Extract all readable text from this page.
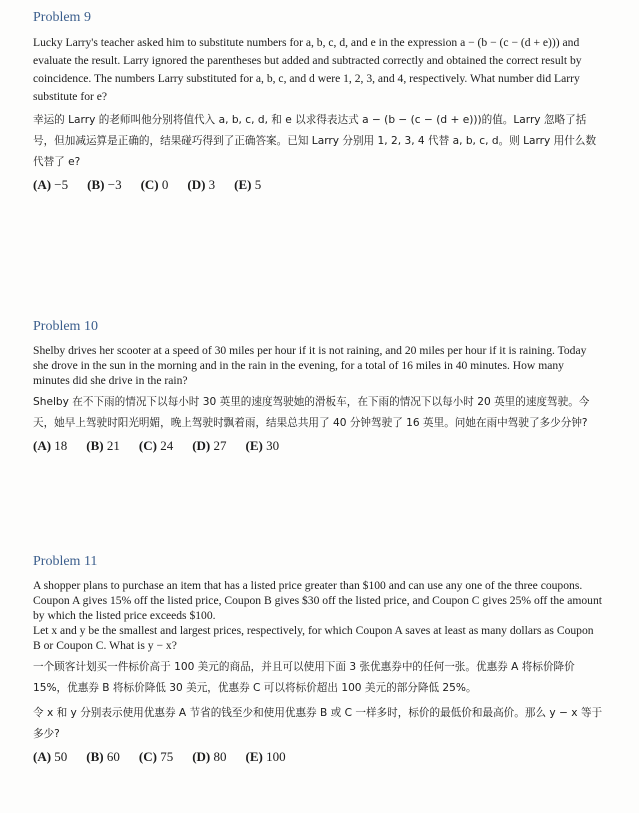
Problem 9

Lucky Larry's teacher asked him to substitute numbers for a, b, c, d, and e in the expression a − (b − (c − (d + e))) and evaluate the result. Larry ignored the parentheses but added and subtracted correctly and obtained the correct result by coincidence. The numbers Larry substituted for a, b, c, and d were 1, 2, 3, and 4, respectively. What number did Larry substitute for e?

幸运的 Larry 的老师叫他分别将值代入 a, b, c, d, 和 e 以求得表达式 a − (b − (c − (d + e)))的值。Larry 忽略了括号，但加减运算是正确的，结果碰巧得到了正确答案。已知 Larry 分别用 1, 2, 3, 4 代替 a, b, c, d。则 Larry 用什么数代替了 e?

(A) −5 (B) −3 (C) 0 (D) 3 (E) 5
Problem 10

Shelby drives her scooter at a speed of 30 miles per hour if it is not raining, and 20 miles per hour if it is raining. Today she drove in the sun in the morning and in the rain in the evening, for a total of 16 miles in 40 minutes. How many minutes did she drive in the rain?

Shelby 在不下雨的情况下以每小时 30 英里的速度驾驶她的滑板车，在下雨的情况下以每小时 20 英里的速度驾驶。今天，她早上驾驶时阳光明媚，晚上驾驶时飘着雨，结果总共用了 40 分钟驾驶了 16 英里。问她在雨中驾驶了多少分钟?

(A) 18 (B) 21 (C) 24 (D) 27 (E) 30
Problem 11

A shopper plans to purchase an item that has a listed price greater than $100 and can use any one of the three coupons. Coupon A gives 15% off the listed price, Coupon B gives $30 off the listed price, and Coupon C gives 25% off the amount by which the listed price exceeds $100.

Let x and y be the smallest and largest prices, respectively, for which Coupon A saves at least as many dollars as Coupon B or Coupon C. What is y − x?

一个顾客计划买一件标价高于 100 美元的商品，并且可以使用下面 3 张优惠券中的任何一张。优惠券 A 将标价降价 15%，优惠券 B 将标价降低 30 美元，优惠券 C 可以将标价超出 100 美元的部分降低 25%。

令 x 和 y 分别表示使用优惠券 A 节省的钱至少和使用优惠券 B 或 C 一样多时，标价的最低价和最高价。那么 y − x 等于多少?

(A) 50 (B) 60 (C) 75 (D) 80 (E) 100
